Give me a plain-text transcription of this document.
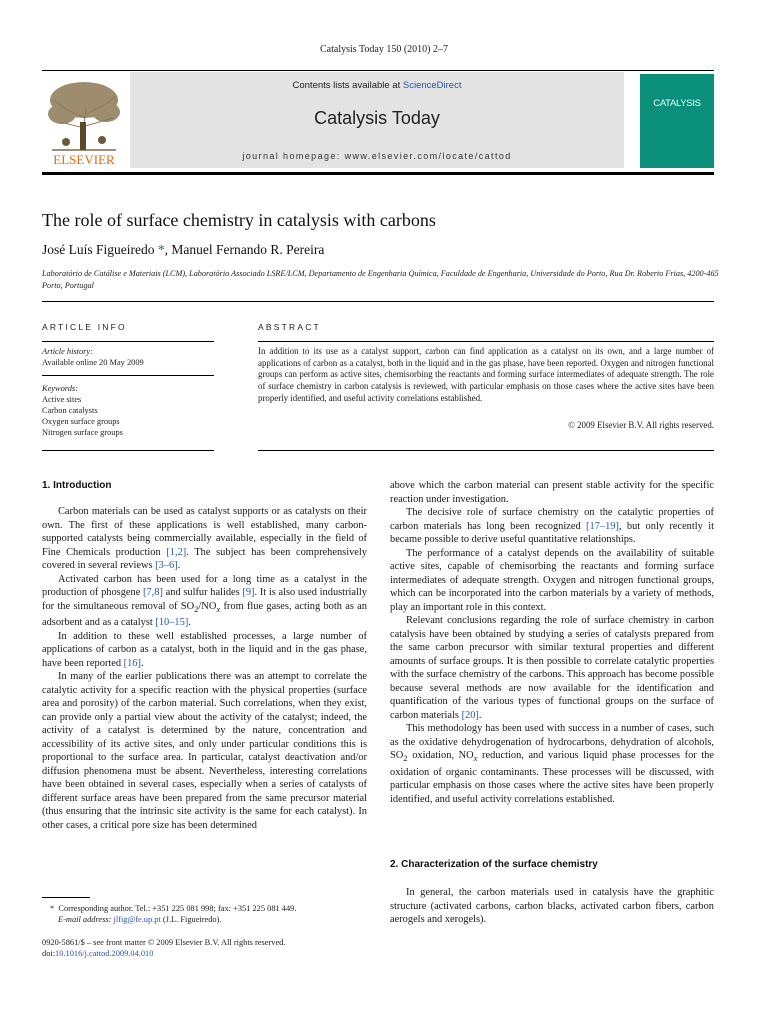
Catalysis Today 150 (2010) 2–7
ELSEVIER
Contents lists available at ScienceDirect
Catalysis Today
journal homepage: www.elsevier.com/locate/cattod
CATALYSIS
The role of surface chemistry in catalysis with carbons
José Luís Figueiredo *, Manuel Fernando R. Pereira
Laboratório de Catálise e Materiais (LCM), Laboratório Associado LSRE/LCM, Departamento de Engenharia Química, Faculdade de Engenharia, Universidade do Porto, Rua Dr. Roberto Frias, 4200-465 Porto, Portugal
ARTICLE INFO
Article history:
Available online 20 May 2009
Keywords:
Active sites
Carbon catalysts
Oxygen surface groups
Nitrogen surface groups
ABSTRACT
In addition to its use as a catalyst support, carbon can find application as a catalyst on its own, and a large number of applications of carbon as a catalyst, both in the liquid and in the gas phase, have been reported. Oxygen and nitrogen functional groups can perform as active sites, chemisorbing the reactants and forming surface intermediates of adequate strength. The role of surface chemistry in carbon catalysis is reviewed, with particular emphasis on those cases where the active sites have been properly identified, and useful activity correlations established.
© 2009 Elsevier B.V. All rights reserved.
1. Introduction

Carbon materials can be used as catalyst supports or as catalysts on their own. The first of these applications is well established, many carbon-supported catalysts being commercially available, especially in the field of Fine Chemicals production [1,2]. The subject has been comprehensively covered in several reviews [3–6].

Activated carbon has been used for a long time as a catalyst in the production of phosgene [7,8] and sulfur halides [9]. It is also used industrially for the simultaneous removal of $SO_2/NO_x$ from flue gases, acting both as an adsorbent and as a catalyst [10–15].

In addition to these well established processes, a large number of applications of carbon as a catalyst, both in the liquid and in the gas phase, have been reported [16].

In many of the earlier publications there was an attempt to correlate the catalytic activity for a specific reaction with the physical properties (surface area and porosity) of the carbon material. Such correlations, when they exist, can provide only a partial view about the activity of the catalyst; indeed, the activity of a catalyst is determined by the nature, concentration and accessibility of its active sites, and only under particular conditions this is proportional to the surface area. In particular, catalyst deactivation and/or diffusion phenomena must be absent. Nevertheless, interesting correlations have been obtained in several cases, especially when a series of catalysts of different surface areas have been prepared from the same precursor material (thus ensuring that the intrinsic site activity is the same for each catalyst). In other cases, a critical pore size has been determined

above which the carbon material can present stable activity for the specific reaction under investigation.

The decisive role of surface chemistry on the catalytic properties of carbon materials has long been recognized [17–19], but only recently it became possible to derive useful quantitative relationships.

The performance of a catalyst depends on the availability of suitable active sites, capable of chemisorbing the reactants and forming surface intermediates of adequate strength. Oxygen and nitrogen functional groups, which can be incorporated into the carbon materials by a variety of methods, play an important role in this context.

Relevant conclusions regarding the role of surface chemistry in carbon catalysis have been obtained by studying a series of catalysts prepared from the same carbon precursor with similar textural properties and different amounts of surface groups. It is then possible to correlate catalytic properties with the surface chemistry of the carbons. This approach has become possible because several methods are now available for the identification and quantification of the various types of functional groups on the surface of carbon materials [20].

This methodology has been used with success in a number of cases, such as the oxidative dehydrogenation of hydrocarbons, dehydration of alcohols, $SO_2$ oxidation, $NO_x$ reduction, and various liquid phase processes for the oxidation of organic contaminants. These processes will be discussed, with particular emphasis on those cases where the active sites have been properly identified, and useful activity correlations established.

2. Characterization of the surface chemistry

In general, the carbon materials used in catalysis have the graphitic structure (activated carbons, carbon blacks, activated carbon fibers, carbon aerogels and xerogels).

* Corresponding author. Tel.: +351 225 081 998; fax: +351 225 081 449.
E-mail address: jlfig@fe.up.pt (J.L. Figueiredo).
0920-5861/$ – see front matter © 2009 Elsevier B.V. All rights reserved.
doi:10.1016/j.cattod.2009.04.010
